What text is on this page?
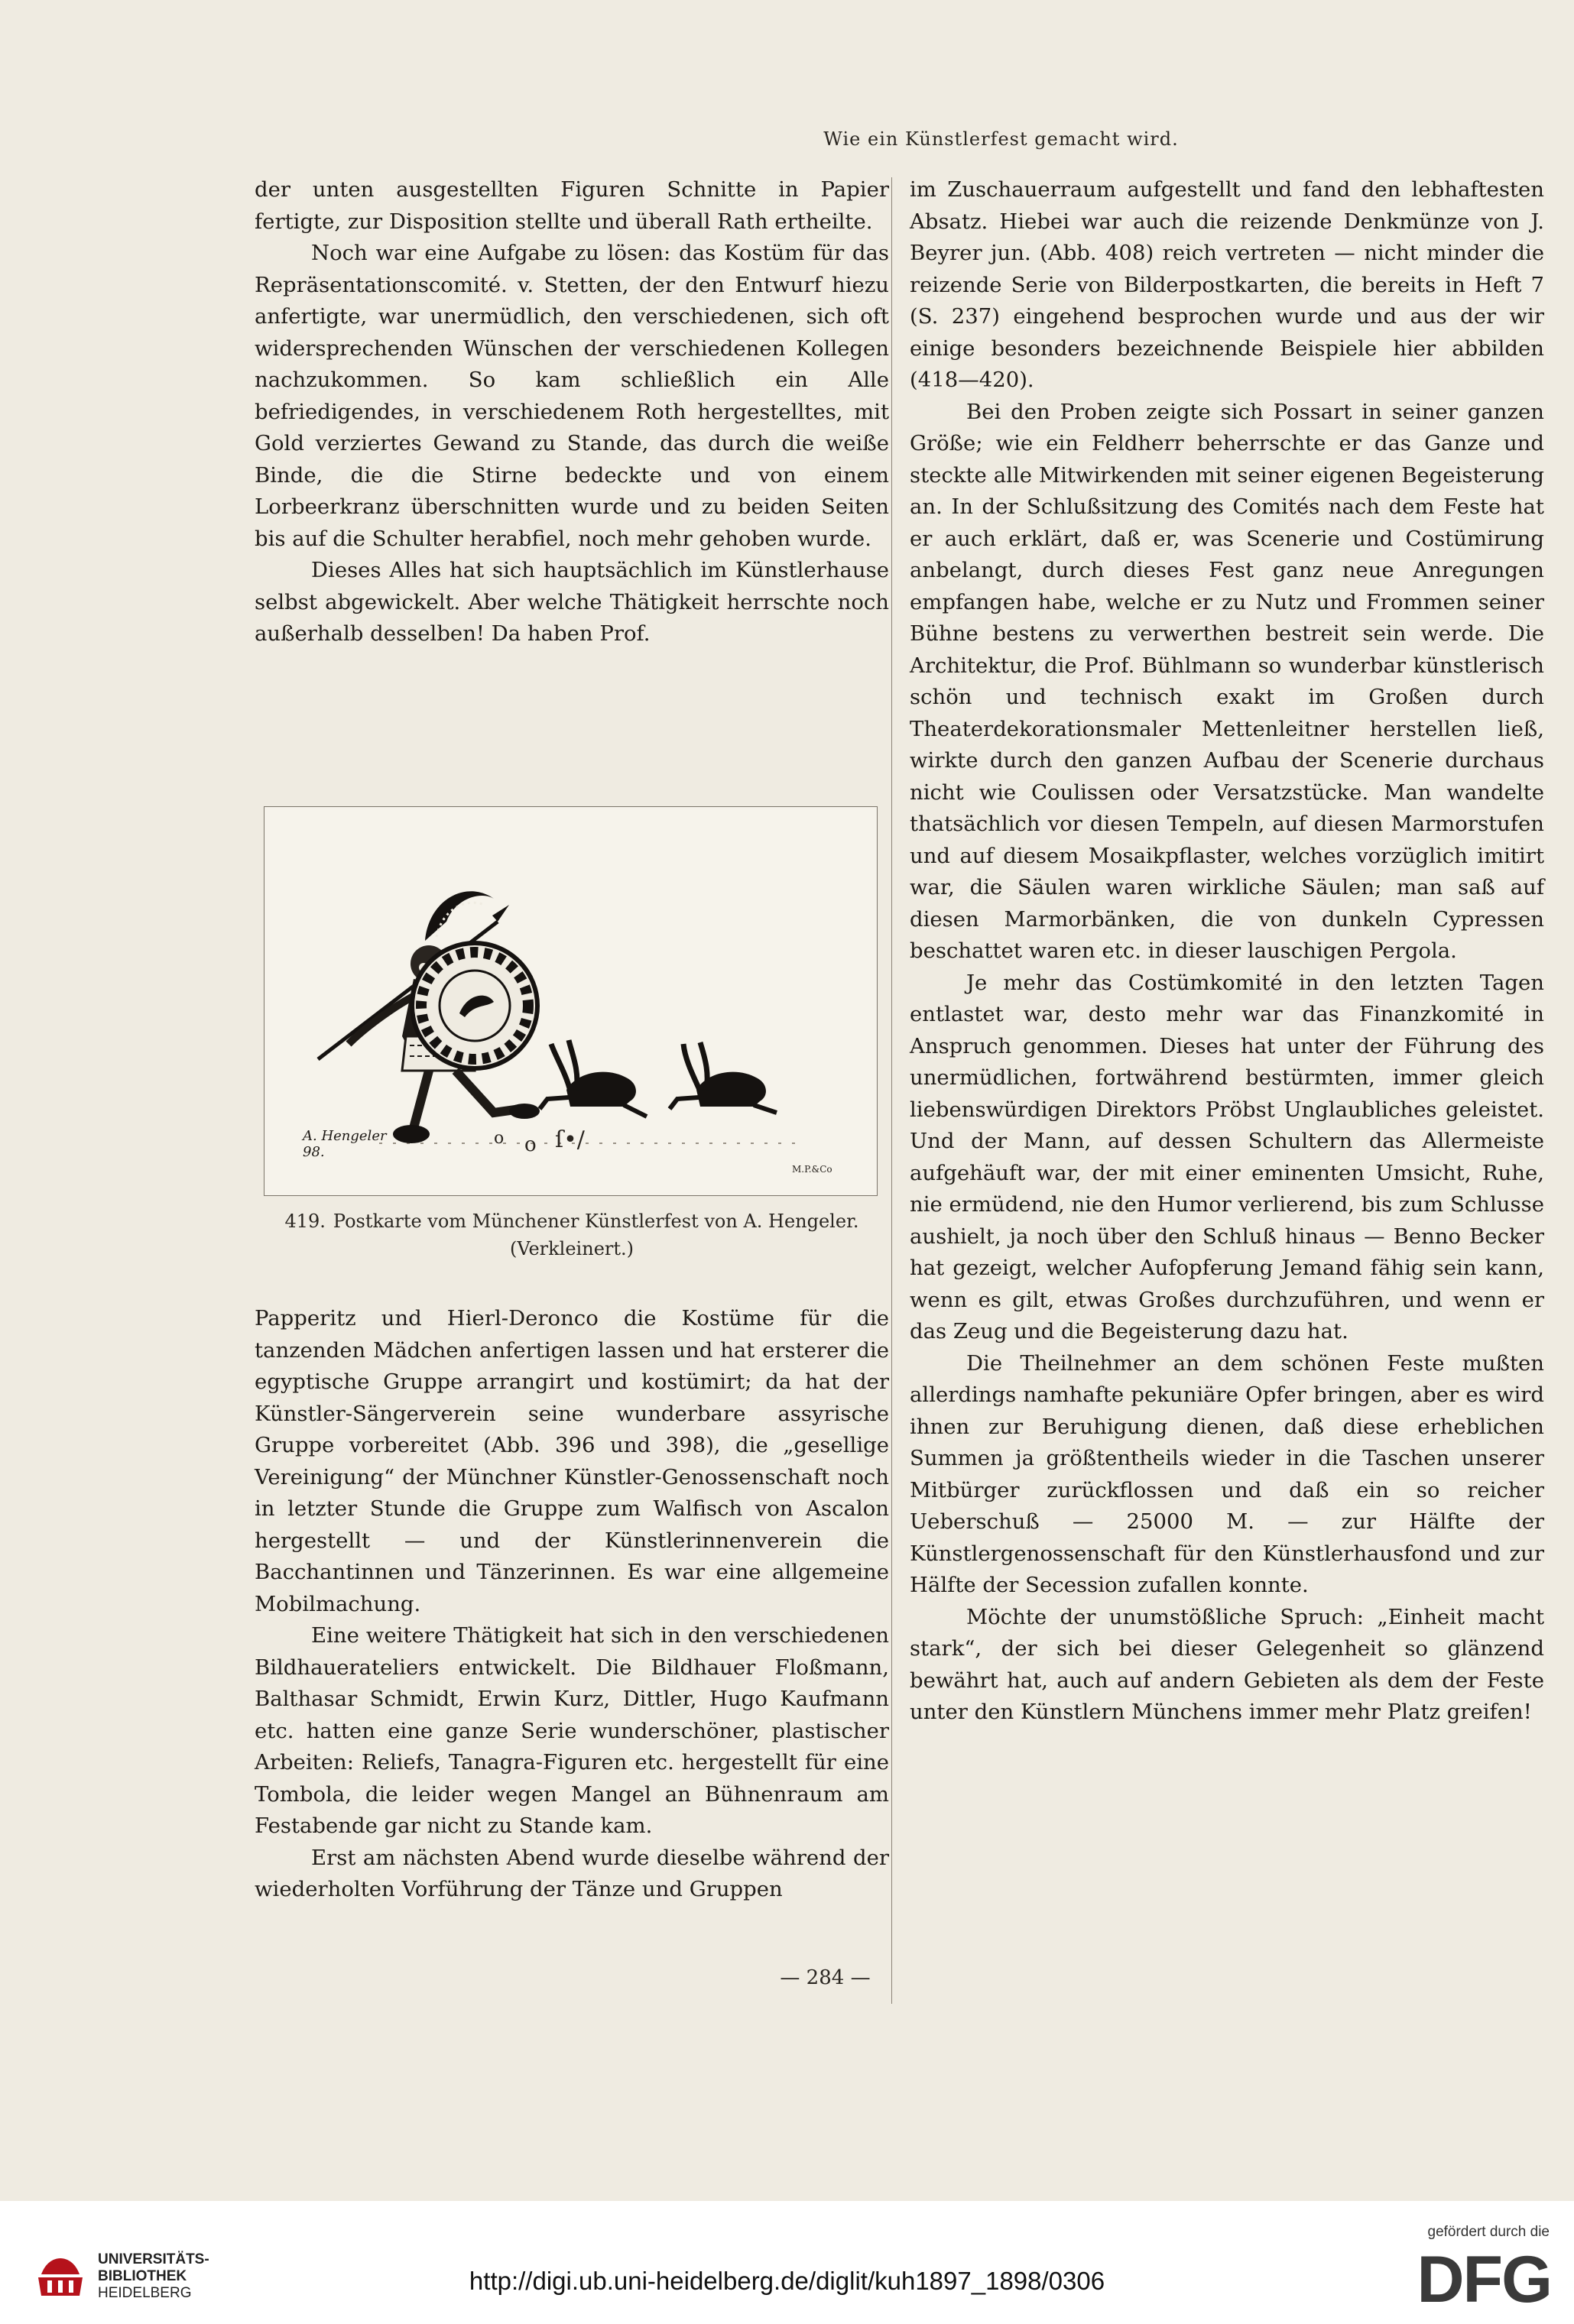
Wie ein Künstlerfest gemacht wird.

der unten ausgestellten Figuren Schnitte in Papier fertigte, zur Disposition stellte und überall Rath ertheilte.

Noch war eine Aufgabe zu lösen: das Kostüm für das Repräsentationscomité. v. Stetten, der den Entwurf hiezu anfertigte, war unermüdlich, den verschiedenen, sich oft widersprechenden Wünschen der verschiedenen Kollegen nachzukommen. So kam schließlich ein Alle befriedigendes, in verschiedenem Roth hergestelltes, mit Gold verziertes Gewand zu Stande, das durch die weiße Binde, die die Stirne bedeckte und von einem Lorbeerkranz überschnitten wurde und zu beiden Seiten bis auf die Schulter herabfiel, noch mehr gehoben wurde.

Dieses Alles hat sich hauptsächlich im Künstlerhause selbst abgewickelt. Aber welche Thätigkeit herrschte noch außerhalb desselben! Da haben Prof.

o o ſ•/
M.P.&Co
A. Hengeler
98.
419. Postkarte vom Münchener Künstlerfest von A. Hengeler.
(Verkleinert.)

Papperitz und Hierl-Deronco die Kostüme für die tanzenden Mädchen anfertigen lassen und hat ersterer die egyptische Gruppe arrangirt und kostümirt; da hat der Künstler-Sängerverein seine wunderbare assyrische Gruppe vorbereitet (Abb. 396 und 398), die „gesellige Vereinigung“ der Münchner Künstler-Genossenschaft noch in letzter Stunde die Gruppe zum Walfisch von Ascalon hergestellt — und der Künstlerinnenverein die Bacchantinnen und Tänzerinnen. Es war eine allgemeine Mobilmachung.

Eine weitere Thätigkeit hat sich in den verschiedenen Bildhauerateliers entwickelt. Die Bildhauer Floßmann, Balthasar Schmidt, Erwin Kurz, Dittler, Hugo Kaufmann etc. hatten eine ganze Serie wunderschöner, plastischer Arbeiten: Reliefs, Tanagra-Figuren etc. hergestellt für eine Tombola, die leider wegen Mangel an Bühnenraum am Festabende gar nicht zu Stande kam.

Erst am nächsten Abend wurde dieselbe während der wiederholten Vorführung der Tänze und Gruppen

im Zuschauerraum aufgestellt und fand den lebhaftesten Absatz. Hiebei war auch die reizende Denkmünze von J. Beyrer jun. (Abb. 408) reich vertreten — nicht minder die reizende Serie von Bilderpostkarten, die bereits in Heft 7 (S. 237) eingehend besprochen wurde und aus der wir einige besonders bezeichnende Beispiele hier abbilden (418—420).

Bei den Proben zeigte sich Possart in seiner ganzen Größe; wie ein Feldherr beherrschte er das Ganze und steckte alle Mitwirkenden mit seiner eigenen Begeisterung an. In der Schlußsitzung des Comités nach dem Feste hat er auch erklärt, daß er, was Scenerie und Costümirung anbelangt, durch dieses Fest ganz neue Anregungen empfangen habe, welche er zu Nutz und Frommen seiner Bühne bestens zu verwerthen bestreit sein werde. Die Architektur, die Prof. Bühlmann so wunderbar künstlerisch schön und technisch exakt im Großen durch Theaterdekorationsmaler Mettenleitner herstellen ließ, wirkte durch den ganzen Aufbau der Scenerie durchaus nicht wie Coulissen oder Versatzstücke. Man wandelte thatsächlich vor diesen Tempeln, auf diesen Marmorstufen und auf diesem Mosaikpflaster, welches vorzüglich imitirt war, die Säulen waren wirkliche Säulen; man saß auf diesen Marmorbänken, die von dunkeln Cypressen beschattet waren etc. in dieser lauschigen Pergola.

Je mehr das Costümkomité in den letzten Tagen entlastet war, desto mehr war das Finanzkomité in Anspruch genommen. Dieses hat unter der Führung des unermüdlichen, fortwährend bestürmten, immer gleich liebenswürdigen Direktors Pröbst Unglaubliches geleistet. Und der Mann, auf dessen Schultern das Allermeiste aufgehäuft war, der mit einer eminenten Umsicht, Ruhe, nie ermüdend, nie den Humor verlierend, bis zum Schlusse aushielt, ja noch über den Schluß hinaus — Benno Becker hat gezeigt, welcher Aufopferung Jemand fähig sein kann, wenn es gilt, etwas Großes durchzuführen, und wenn er das Zeug und die Begeisterung dazu hat.

Die Theilnehmer an dem schönen Feste mußten allerdings namhafte pekuniäre Opfer bringen, aber es wird ihnen zur Beruhigung dienen, daß diese erheblichen Summen ja größtentheils wieder in die Taschen unserer Mitbürger zurückflossen und daß ein so reicher Ueberschuß — 25000 M. — zur Hälfte der Künstlergenossenschaft für den Künstlerhausfond und zur Hälfte der Secession zufallen konnte.

Möchte der unumstößliche Spruch: „Einheit macht stark“, der sich bei dieser Gelegenheit so glänzend bewährt hat, auch auf andern Gebieten als dem der Feste unter den Künstlern Münchens immer mehr Platz greifen!

— 284 —
UNIVERSITÄTS-
BIBLIOTHEK
HEIDELBERG	http://digi.ub.uni-heidelberg.de/diglit/kuh1897_1898/0306
gefördert durch die
DFG
